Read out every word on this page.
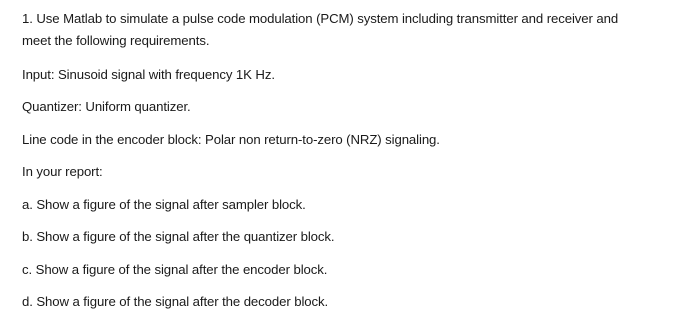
1. Use Matlab to simulate a pulse code modulation (PCM) system including transmitter and receiver and
meet the following requirements.
Input: Sinusoid signal with frequency 1K Hz.
Quantizer: Uniform quantizer.
Line code in the encoder block: Polar non return-to-zero (NRZ) signaling.
In your report:
a. Show a figure of the signal after sampler block.
b. Show a figure of the signal after the quantizer block.
c. Show a figure of the signal after the encoder block.
d. Show a figure of the signal after the decoder block.
